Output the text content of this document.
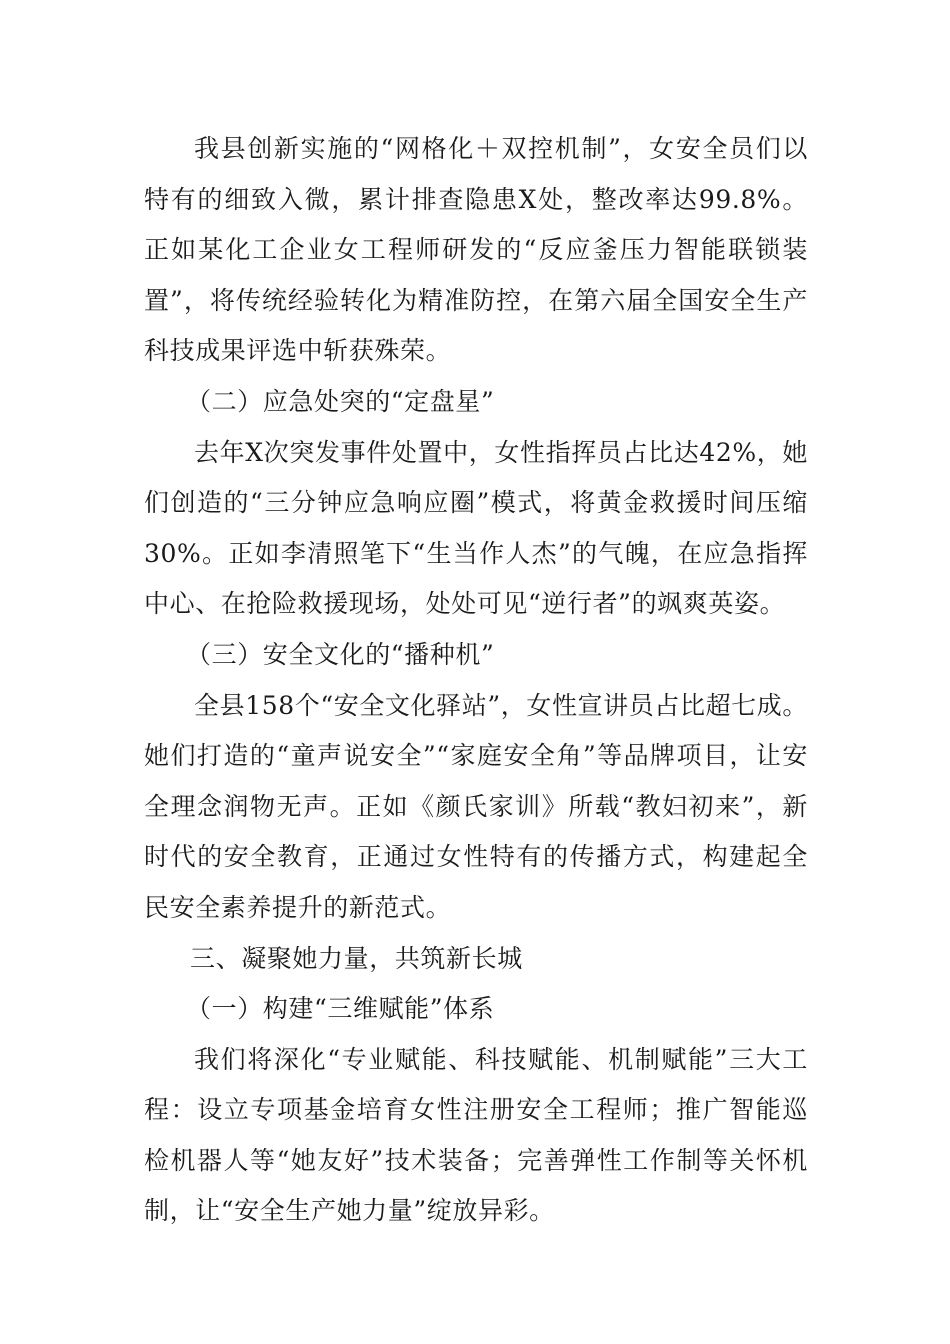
我县创新实施的“网格化＋双控机制”，女安全员们以特有的细致入微，累计排查隐患X处，整改率达99.8%。正如某化工企业女工程师研发的“反应釜压力智能联锁装置”，将传统经验转化为精准防控，在第六届全国安全生产科技成果评选中斩获殊荣。

（二）应急处突的“定盘星”

去年X次突发事件处置中，女性指挥员占比达42%，她们创造的“三分钟应急响应圈”模式，将黄金救援时间压缩30%。正如李清照笔下“生当作人杰”的气魄，在应急指挥中心、在抢险救援现场，处处可见“逆行者”的飒爽英姿。

（三）安全文化的“播种机”

全县158个“安全文化驿站”，女性宣讲员占比超七成。她们打造的“童声说安全”“家庭安全角”等品牌项目，让安全理念润物无声。正如《颜氏家训》所载“教妇初来”，新时代的安全教育，正通过女性特有的传播方式，构建起全民安全素养提升的新范式。

三、凝聚她力量，共筑新长城

（一）构建“三维赋能”体系

我们将深化“专业赋能、科技赋能、机制赋能”三大工程：设立专项基金培育女性注册安全工程师；推广智能巡检机器人等“她友好”技术装备；完善弹性工作制等关怀机制，让“安全生产她力量”绽放异彩。
